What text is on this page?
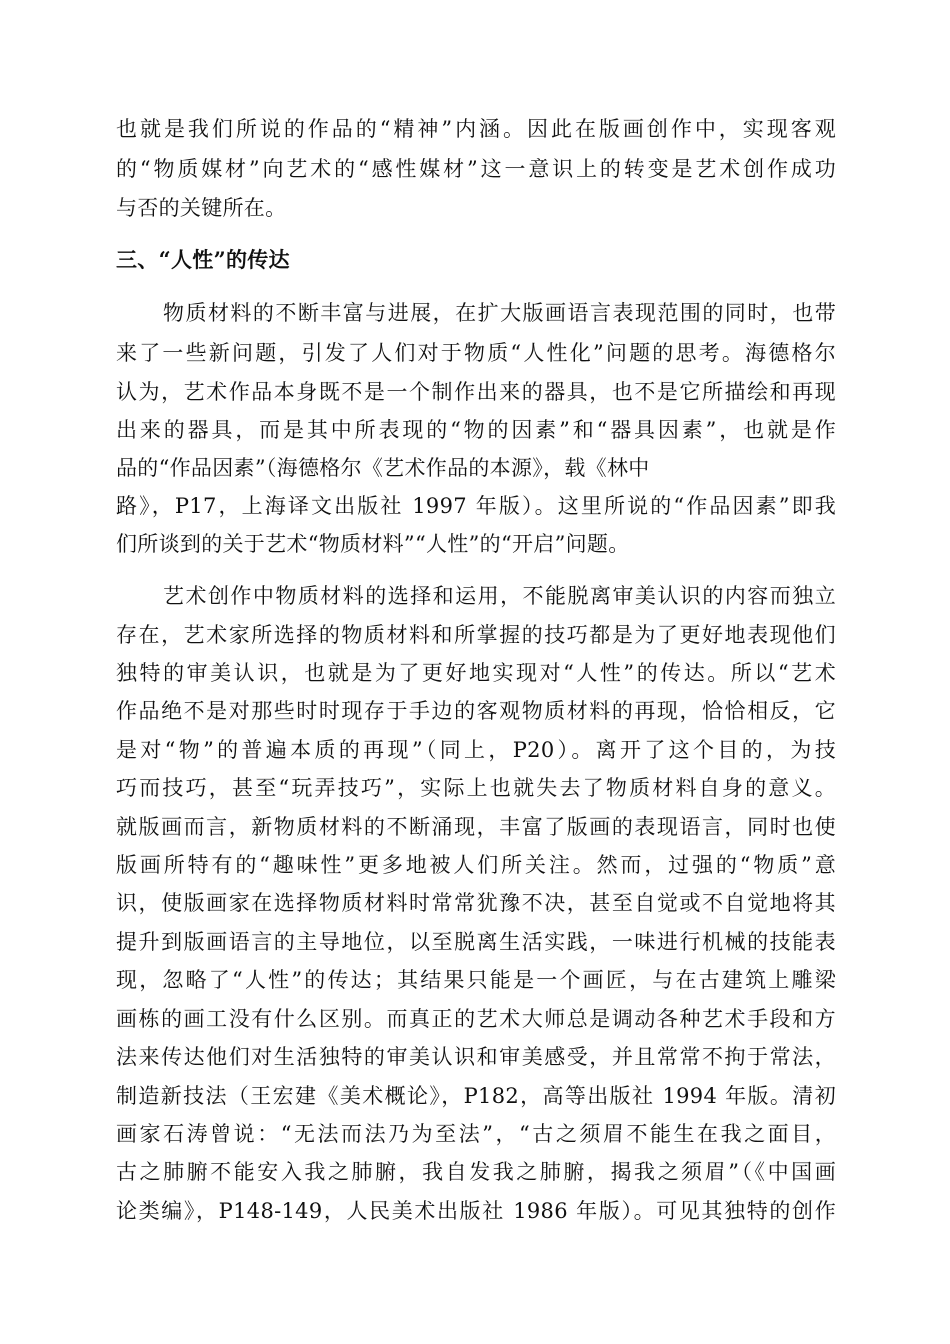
也就是我们所说的作品的“精神”内涵。因此在版画创作中，实现客观
的“物质媒材”向艺术的“感性媒材”这一意识上的转变是艺术创作成功
与否的关键所在。
三、“人性”的传达
物质材料的不断丰富与进展，在扩大版画语言表现范围的同时，也带
来了一些新问题，引发了人们对于物质“人性化”问题的思考。海德格尔
认为，艺术作品本身既不是一个制作出来的器具，也不是它所描绘和再现
出来的器具，而是其中所表现的“物的因素”和“器具因素”，也就是作
品的“作品因素”（海德格尔《艺术作品的本源》，载《林中
路》，P17，上海译文出版社 1997 年版）。这里所说的“作品因素”即我
们所谈到的关于艺术“物质材料”“人性”的“开启”问题。
艺术创作中物质材料的选择和运用，不能脱离审美认识的内容而独立
存在，艺术家所选择的物质材料和所掌握的技巧都是为了更好地表现他们
独特的审美认识，也就是为了更好地实现对“人性”的传达。所以“艺术
作品绝不是对那些时时现存于手边的客观物质材料的再现，恰恰相反，它
是对“物”的普遍本质的再现”（同上，P20）。离开了这个目的，为技
巧而技巧，甚至“玩弄技巧”，实际上也就失去了物质材料自身的意义。
就版画而言，新物质材料的不断涌现，丰富了版画的表现语言，同时也使
版画所特有的“趣味性”更多地被人们所关注。然而，过强的“物质”意
识，使版画家在选择物质材料时常常犹豫不决，甚至自觉或不自觉地将其
提升到版画语言的主导地位，以至脱离生活实践，一味进行机械的技能表
现，忽略了“人性”的传达；其结果只能是一个画匠，与在古建筑上雕梁
画栋的画工没有什么区别。而真正的艺术大师总是调动各种艺术手段和方
法来传达他们对生活独特的审美认识和审美感受，并且常常不拘于常法，
制造新技法（王宏建《美术概论》，P182，高等出版社 1994 年版。清初
画家石涛曾说：“无法而法乃为至法”，“古之须眉不能生在我之面目，
古之肺腑不能安入我之肺腑，我自发我之肺腑，揭我之须眉”（《中国画
论类编》，P148-149，人民美术出版社 1986 年版）。可见其独特的创作
